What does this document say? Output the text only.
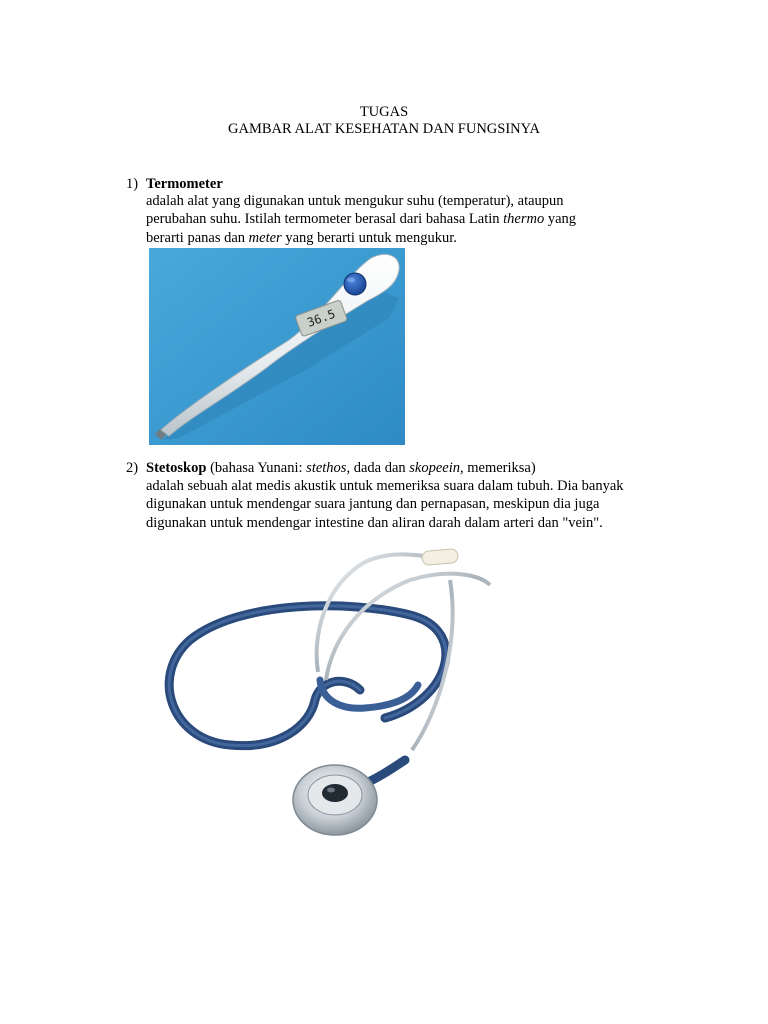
TUGAS
GAMBAR ALAT KESEHATAN DAN FUNGSINYA
1) Termometer
adalah alat yang digunakan untuk mengukur suhu (temperatur), ataupun
perubahan suhu. Istilah termometer berasal dari bahasa Latin thermo yang
berarti panas dan meter yang berarti untuk mengukur.
36.5
2) Stetoskop (bahasa Yunani: stethos, dada dan skopeein, memeriksa)
adalah sebuah alat medis akustik untuk memeriksa suara dalam tubuh. Dia banyak
digunakan untuk mendengar suara jantung dan pernapasan, meskipun dia juga
digunakan untuk mendengar intestine dan aliran darah dalam arteri dan "vein".
